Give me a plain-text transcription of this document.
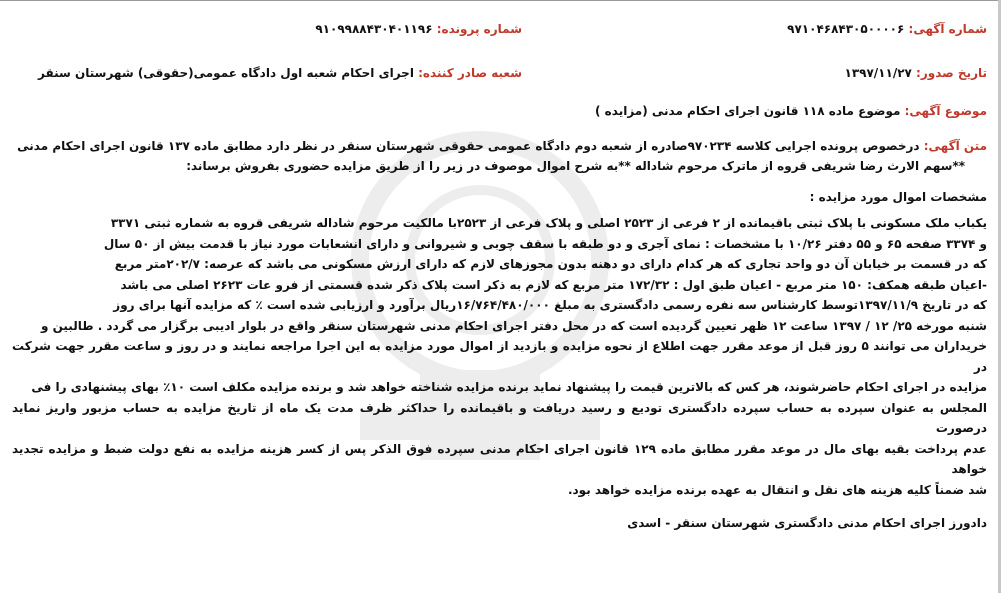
شماره آگهی: ۹۷۱۰۴۶۸۴۳۰۵۰۰۰۰۶
شماره پرونده: ۹۱۰۹۹۸۸۴۳۰۴۰۱۱۹۶
تاریخ صدور: ۱۳۹۷/۱۱/۲۷
شعبه صادر کننده: اجرای احکام شعبه اول دادگاه عمومی(حقوقی) شهرستان سنقر
موضوع آگهی: موضوع ماده ۱۱۸ قانون اجرای احکام مدنی (مزایده )
متن آگهی: درخصوص پرونده اجرایی کلاسه ۹۷۰۲۳۴صادره از شعبه دوم دادگاه عمومی حقوقی شهرستان سنقر در نظر دارد مطابق ماده ۱۳۷ قانون اجرای احکام مدنی
**سهم الارث رضا شریفی قروه از ماترک مرحوم شاداله **به شرح اموال موصوف در زیر را از طریق مزایده حضوری بفروش برساند:
مشخصات اموال مورد مزایده :
یکباب ملک مسکونی با پلاک ثبتی باقیمانده از ۲ فرعی از ۲۵۲۳ اصلی و پلاک فرعی از ۲۵۲۳با مالکیت مرحوم شاداله شریفی قروه به شماره ثبتی ۳۳۷۱
و ۳۳۷۴ صفحه ۶۵ و ۵۵ دفتر ۱۰/۲۶ با مشخصات : نمای آجری و دو طبقه با سقف چوبی و شیروانی و دارای انشعابات مورد نیاز با قدمت بیش از ۵۰ سال
که در قسمت بر خیابان آن دو واحد تجاری که هر کدام دارای دو دهنه بدون مجوزهای لازم که دارای ارزش مسکونی می باشد که عرصه: ۲۰۲/۷متر مربع
-اعیان طبقه همکف: ۱۵۰ متر مربع - اعیان طبق اول : ۱۷۲/۳۲ متر مربع که لازم به ذکر است پلاک ذکر شده قسمتی از فرو عات ۲۶۲۳ اصلی می باشد
که در تاریخ ۱۳۹۷/۱۱/۹توسط کارشناس سه نفره رسمی دادگستری به مبلغ ۱۶/۷۶۴/۴۸۰/۰۰۰ریال برآورد و ارزیابی شده است ٪ که مزایده آنها برای روز
شنبه مورخه ۲۵/ ۱۲ / ۱۳۹۷ ساعت ۱۲ ظهر تعیین گردیده است که در محل دفتر اجرای احکام مدنی شهرستان سنقر واقع در بلوار ادیبی برگزار می گردد . طالبین و
خریداران می توانند ۵ روز قبل از موعد مقرر جهت اطلاع از نحوه مزایده و بازدید از اموال مورد مزایده به این اجرا مراجعه نمایند و در روز و ساعت مقرر جهت شرکت در
مزایده در اجرای احکام حاضرشوند، هر کس که بالاترین قیمت را پیشنهاد نماید برنده مزایده شناخته خواهد شد و برنده مزایده مکلف است ۱۰٪ بهای پیشنهادی را فی
المجلس به عنوان سپرده به حساب سپرده دادگستری تودیع و رسید دریافت و باقیمانده را حداکثر ظرف مدت یک ماه از تاریخ مزایده به حساب مزبور واریز نماید درصورت
عدم پرداخت بقیه بهای مال در موعد مقرر مطابق ماده ۱۲۹ قانون اجرای احکام مدنی سپرده فوق الذکر پس از کسر هزینه مزایده به نفع دولت ضبط و مزایده تجدید خواهد
شد ضمناً کلیه هزینه های نقل و انتقال به عهده برنده مزایده خواهد بود.
دادورز اجرای احکام مدنی دادگستری شهرستان سنقر - اسدی
